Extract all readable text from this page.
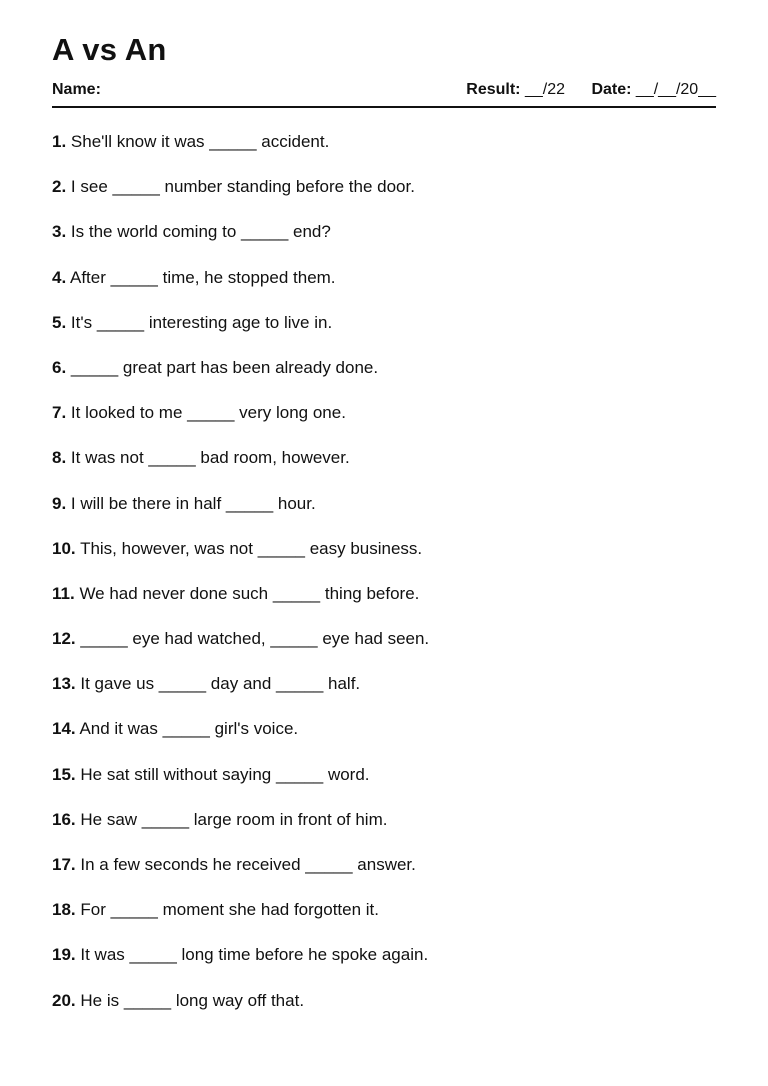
A vs An
Name:	Result: __/22 Date: __/__/20__
1. She'll know it was _____ accident.
2. I see _____ number standing before the door.
3. Is the world coming to _____ end?
4. After _____ time, he stopped them.
5. It's _____ interesting age to live in.
6. _____ great part has been already done.
7. It looked to me _____ very long one.
8. It was not _____ bad room, however.
9. I will be there in half _____ hour.
10. This, however, was not _____ easy business.
11. We had never done such _____ thing before.
12. _____ eye had watched, _____ eye had seen.
13. It gave us _____ day and _____ half.
14. And it was _____ girl's voice.
15. He sat still without saying _____ word.
16. He saw _____ large room in front of him.
17. In a few seconds he received _____ answer.
18. For _____ moment she had forgotten it.
19. It was _____ long time before he spoke again.
20. He is _____ long way off that.
